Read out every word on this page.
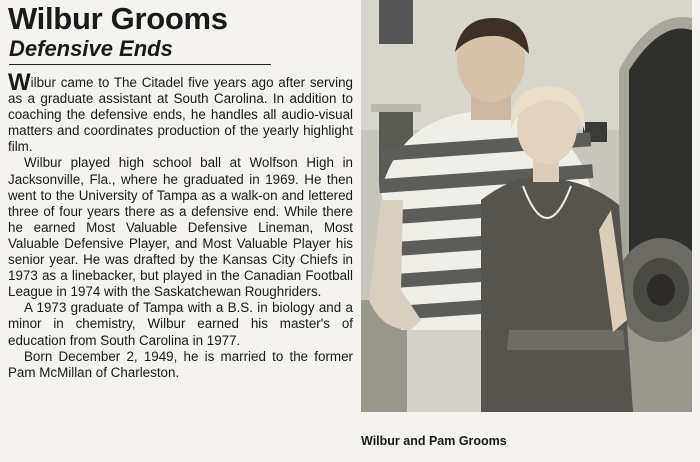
Wilbur Grooms
Defensive Ends

Wilbur came to The Citadel five years ago after serving as a graduate assistant at South Carolina. In addition to coaching the defensive ends, he handles all audio-visual matters and coordinates production of the yearly highlight film.

Wilbur played high school ball at Wolfson High in Jacksonville, Fla., where he graduated in 1969. He then went to the University of Tampa as a walk-on and lettered three of four years there as a defensive end. While there he earned Most Valuable Defensive Lineman, Most Valuable Defensive Player, and Most Valuable Player his senior year. He was drafted by the Kansas City Chiefs in 1973 as a linebacker, but played in the Canadian Football League in 1974 with the Saskatchewan Roughriders.

A 1973 graduate of Tampa with a B.S. in biology and a minor in chemistry, Wilbur earned his master's of education from South Carolina in 1977.

Born December 2, 1949, he is married to the former Pam McMillan of Charleston.

Wilbur and Pam Grooms
